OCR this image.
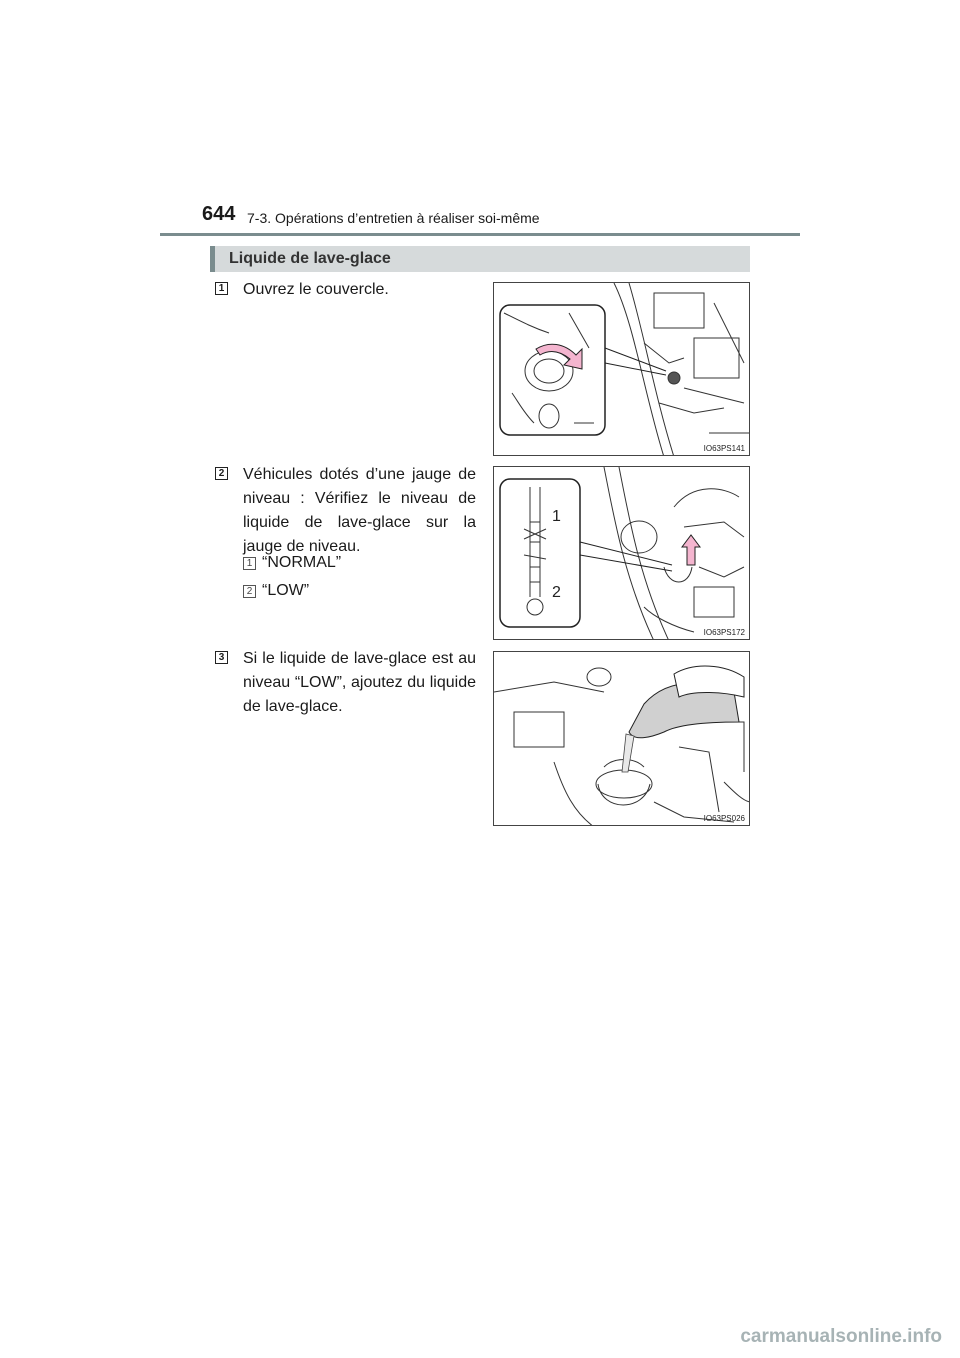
644 7-3. Opérations d’entretien à réaliser soi-même
Liquide de lave-glace
1 Ouvrez le couvercle.
IO63PS141
2 Véhicules dotés d’une jauge de niveau : Vérifiez le niveau de liquide de lave-glace sur la jauge de niveau.
1 “NORMAL”
2 “LOW”
1
2
IO63PS172
3 Si le liquide de lave-glace est au niveau “LOW”, ajoutez du liquide de lave-glace.
IO63PS026
carmanualsonline.info
